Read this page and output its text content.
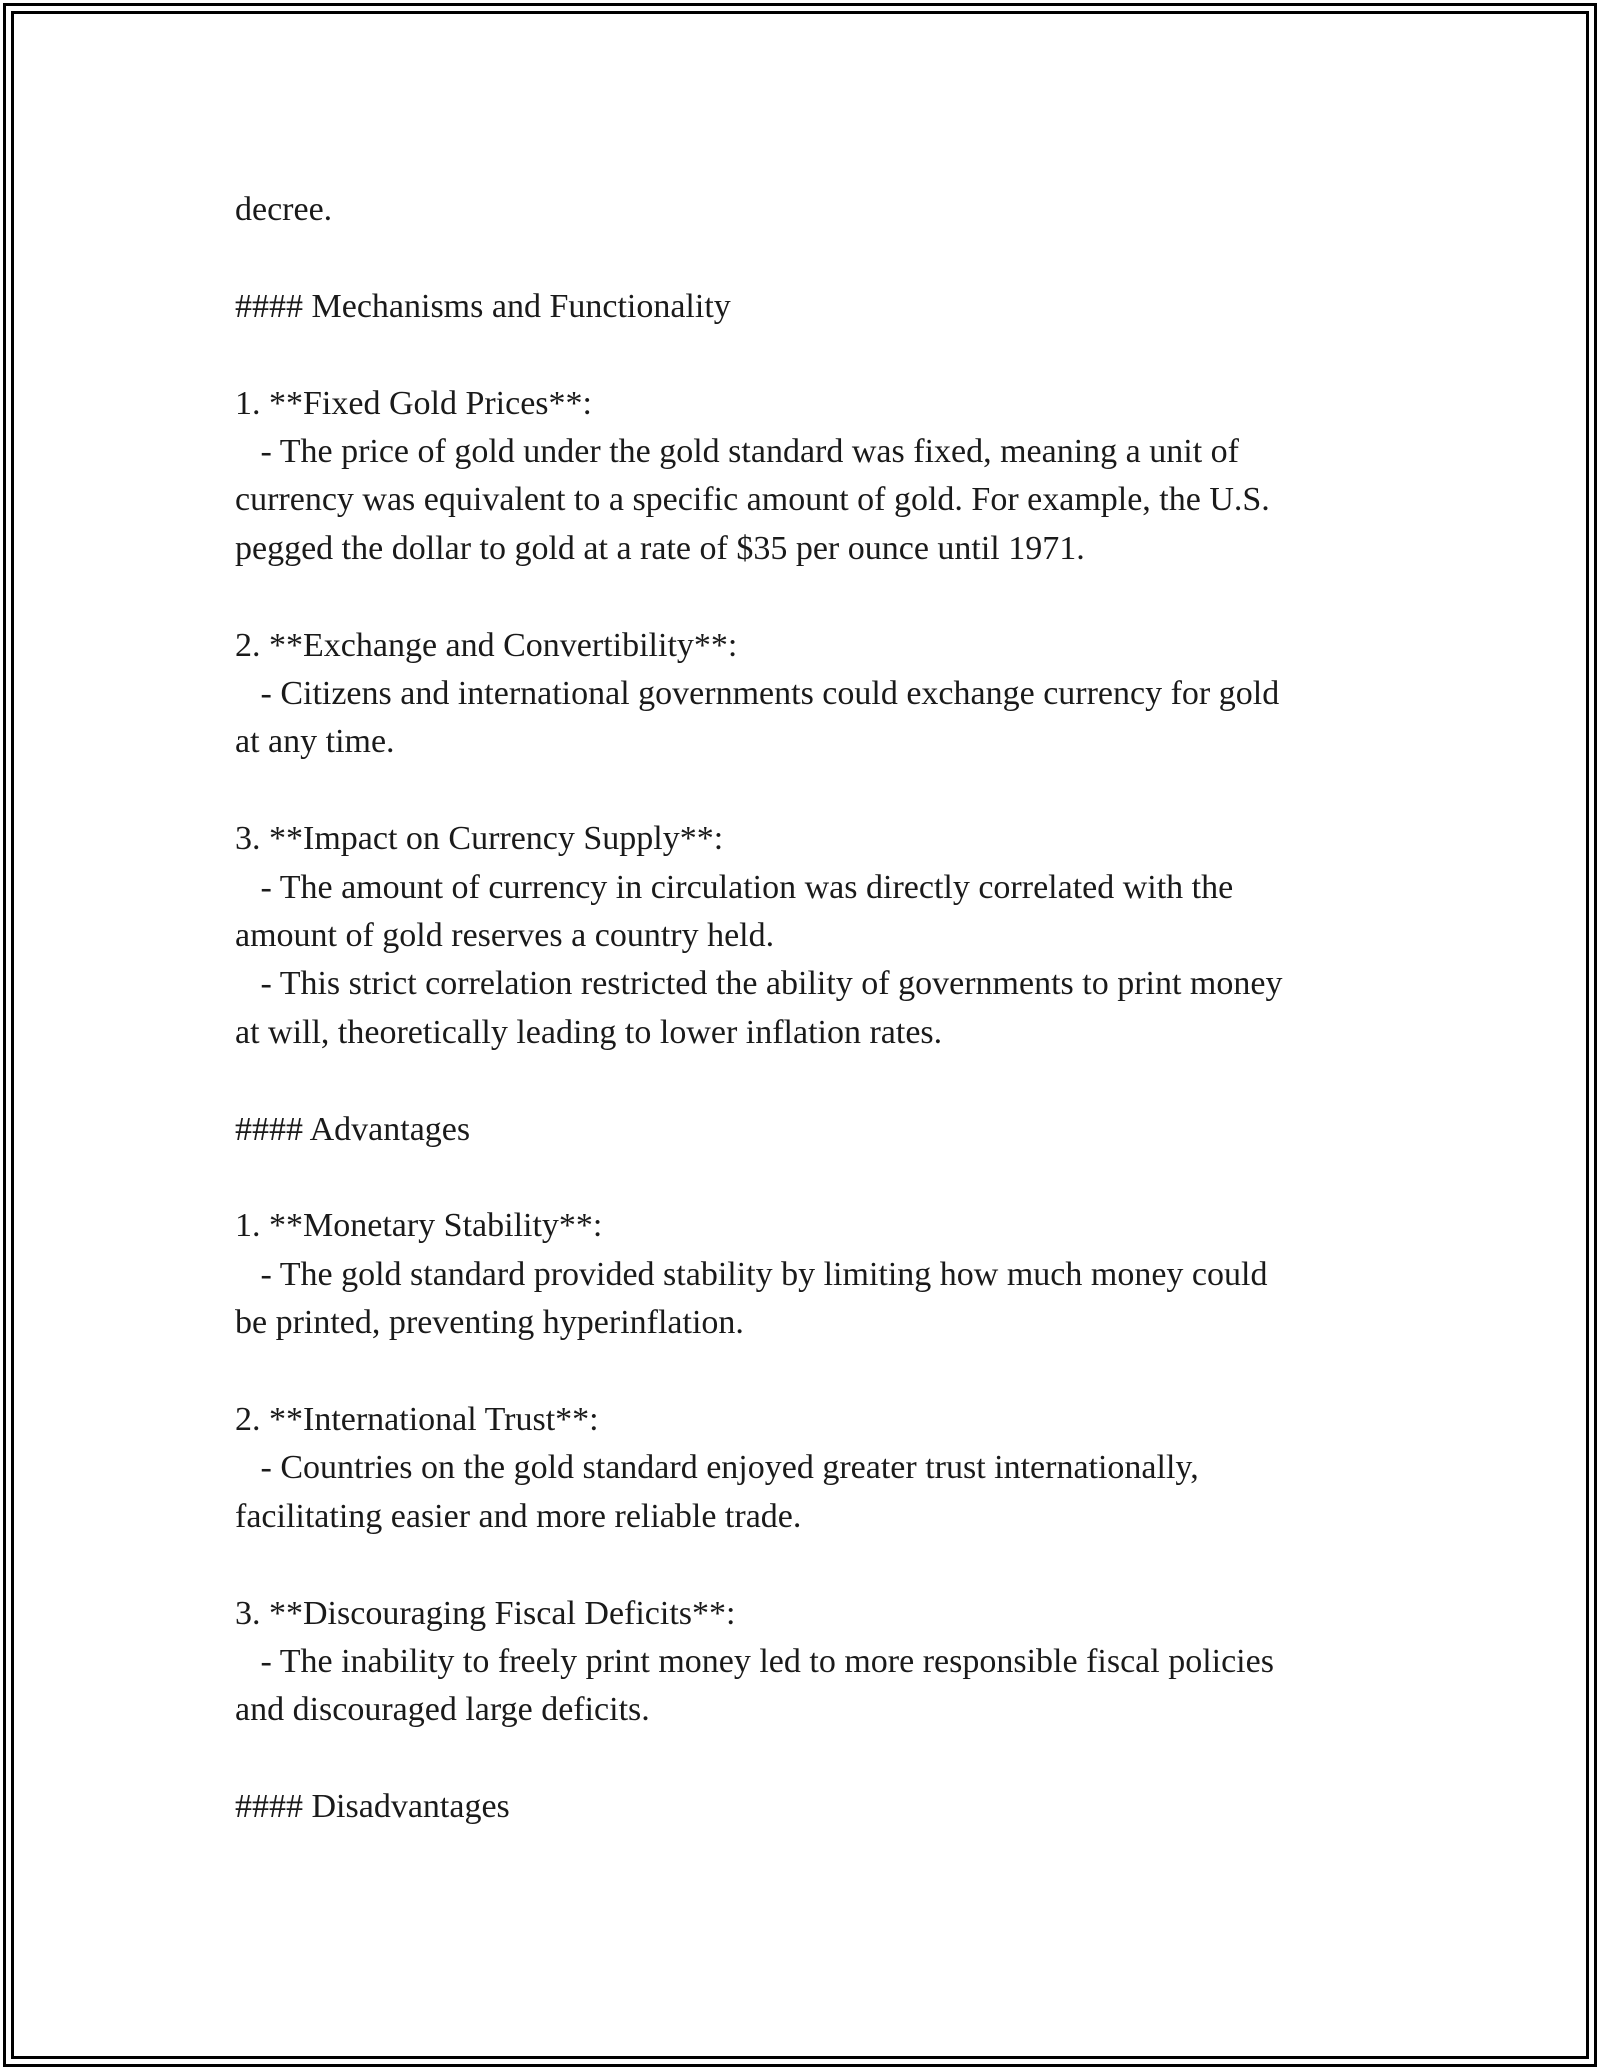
decree.

#### Mechanisms and Functionality

1. **Fixed Gold Prices**:

- The price of gold under the gold standard was fixed, meaning a unit of

currency was equivalent to a specific amount of gold. For example, the U.S.

pegged the dollar to gold at a rate of $35 per ounce until 1971.

2. **Exchange and Convertibility**:

- Citizens and international governments could exchange currency for gold

at any time.

3. **Impact on Currency Supply**:

- The amount of currency in circulation was directly correlated with the

amount of gold reserves a country held.

- This strict correlation restricted the ability of governments to print money

at will, theoretically leading to lower inflation rates.

#### Advantages

1. **Monetary Stability**:

- The gold standard provided stability by limiting how much money could

be printed, preventing hyperinflation.

2. **International Trust**:

- Countries on the gold standard enjoyed greater trust internationally,

facilitating easier and more reliable trade.

3. **Discouraging Fiscal Deficits**:

- The inability to freely print money led to more responsible fiscal policies

and discouraged large deficits.

#### Disadvantages
